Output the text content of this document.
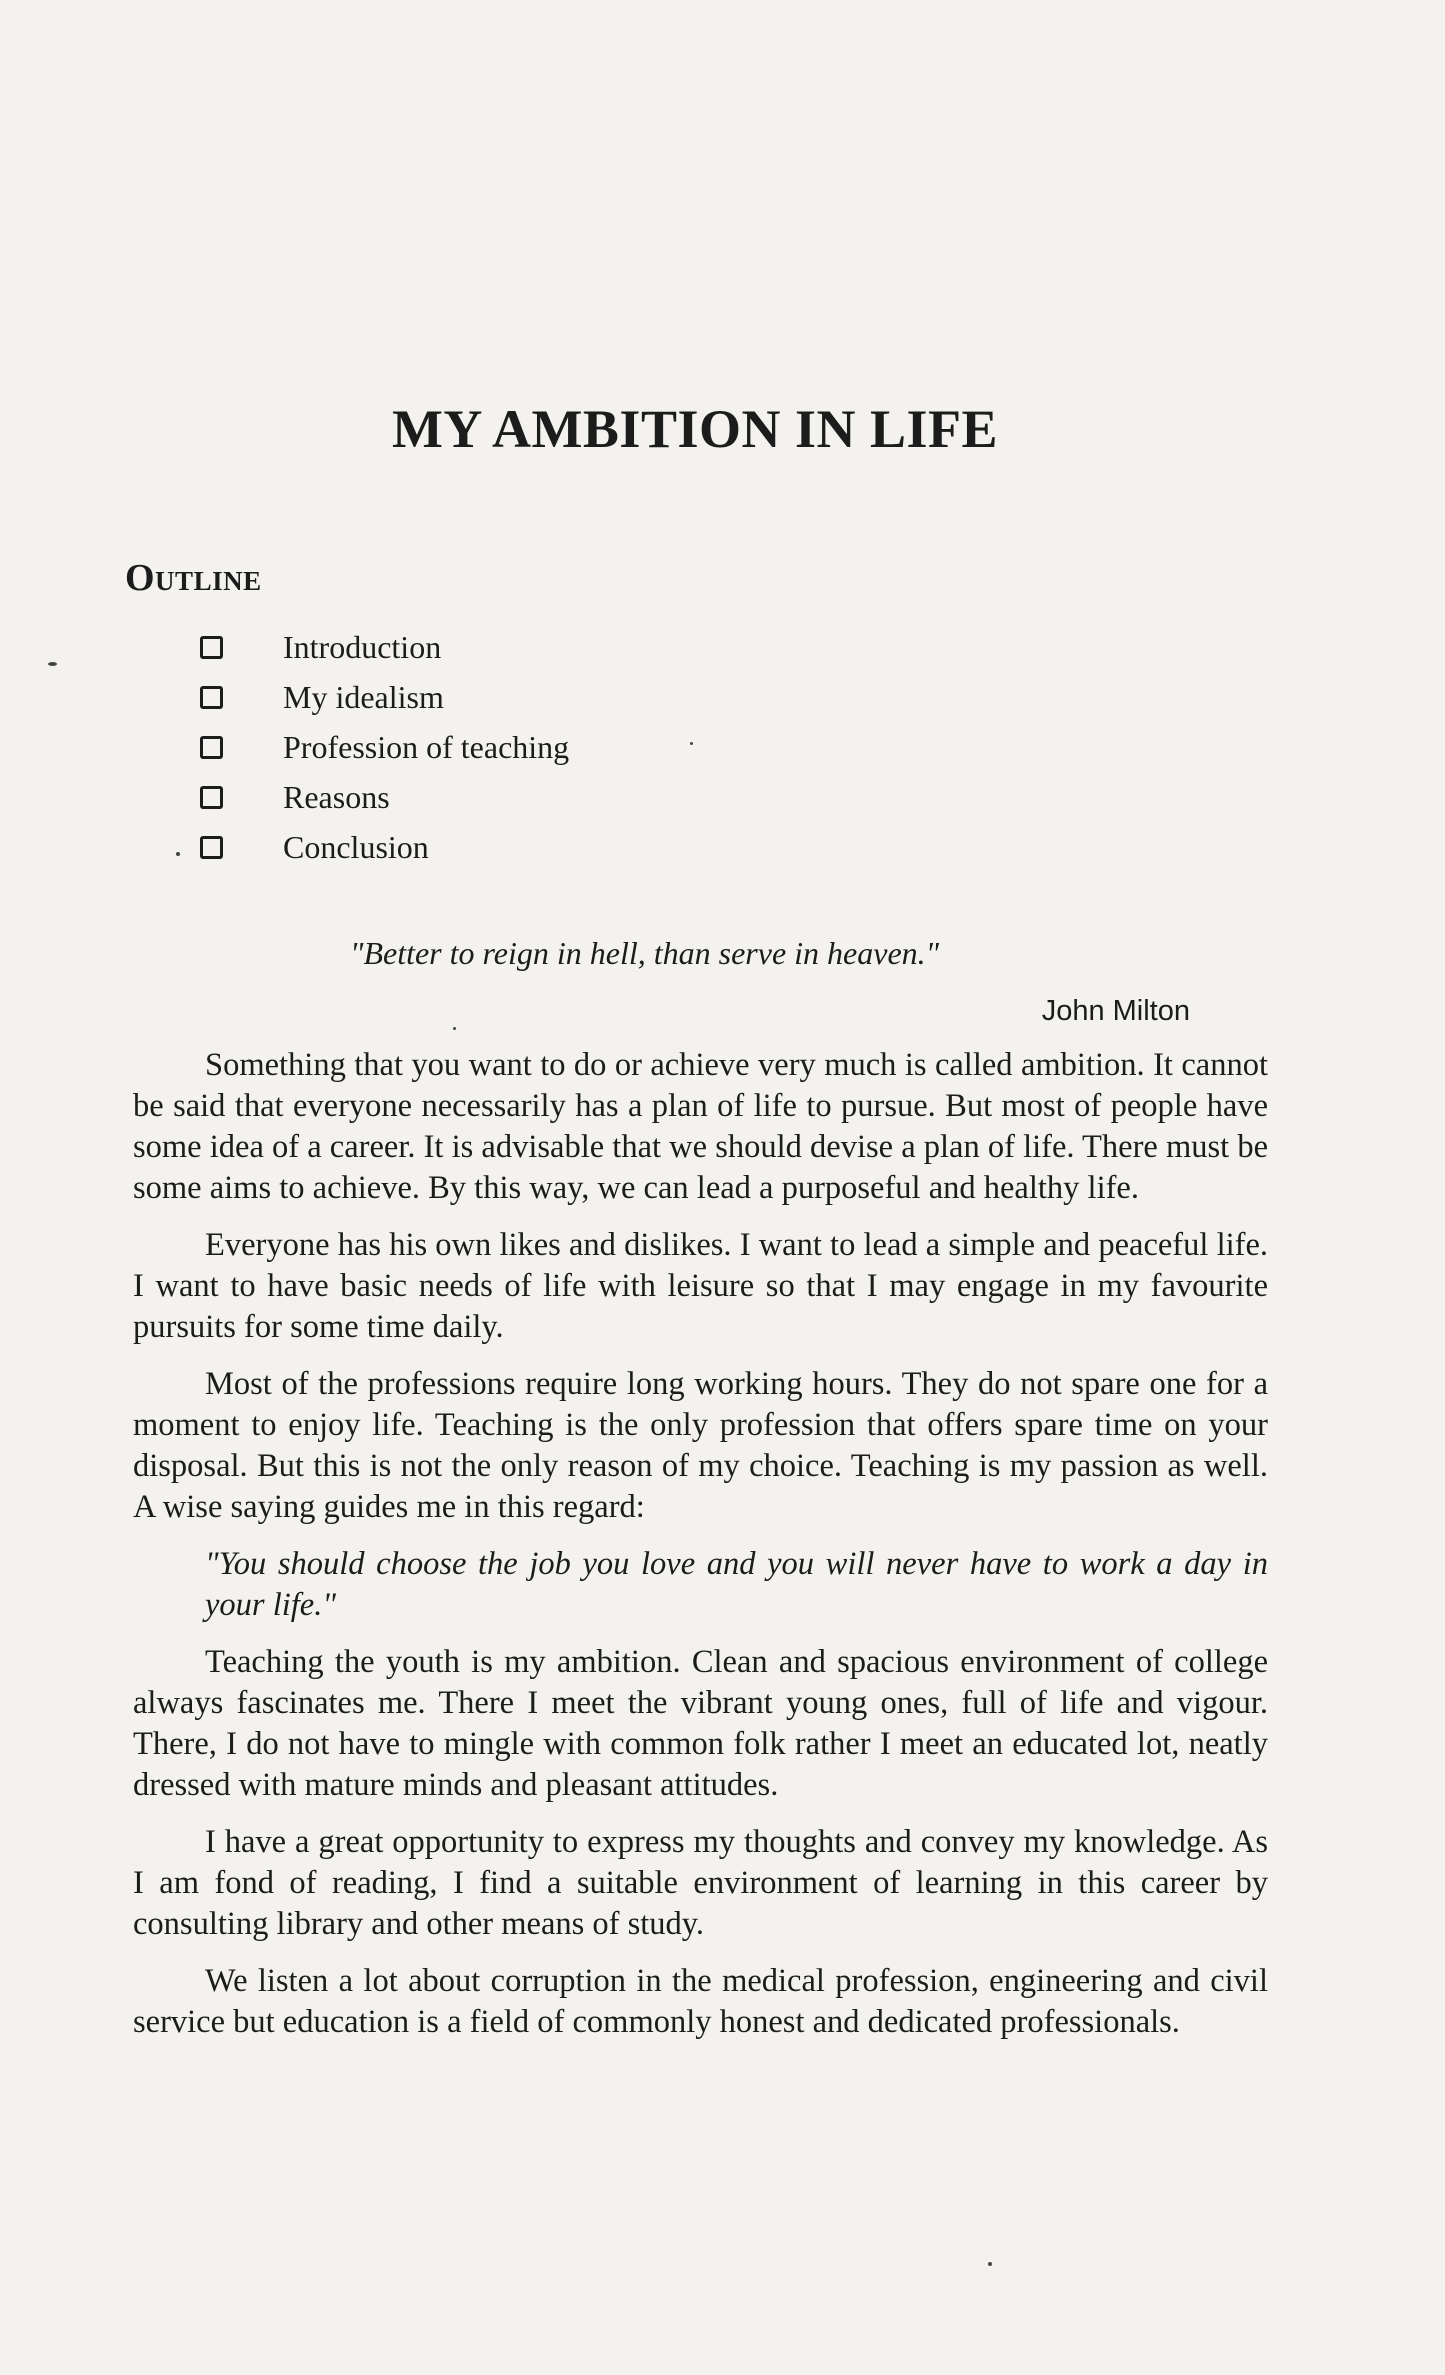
MY AMBITION IN LIFE
Outline
Introduction
My idealism
Profession of teaching
Reasons
Conclusion

"Better to reign in hell, than serve in heaven."

John Milton

Something that you want to do or achieve very much is called ambition. It cannot be said that everyone necessarily has a plan of life to pursue. But most of people have some idea of a career. It is advisable that we should devise a plan of life. There must be some aims to achieve. By this way, we can lead a purposeful and healthy life.

Everyone has his own likes and dislikes. I want to lead a simple and peaceful life. I want to have basic needs of life with leisure so that I may engage in my favourite pursuits for some time daily.

Most of the professions require long working hours. They do not spare one for a moment to enjoy life. Teaching is the only profession that offers spare time on your disposal. But this is not the only reason of my choice. Teaching is my passion as well. A wise saying guides me in this regard:

"You should choose the job you love and you will never have to work a day in your life."

Teaching the youth is my ambition. Clean and spacious environment of college always fascinates me. There I meet the vibrant young ones, full of life and vigour. There, I do not have to mingle with common folk rather I meet an educated lot, neatly dressed with mature minds and pleasant attitudes.

I have a great opportunity to express my thoughts and convey my knowledge. As I am fond of reading, I find a suitable environment of learning in this career by consulting library and other means of study.

We listen a lot about corruption in the medical profession, engineering and civil service but education is a field of commonly honest and dedicated professionals.
